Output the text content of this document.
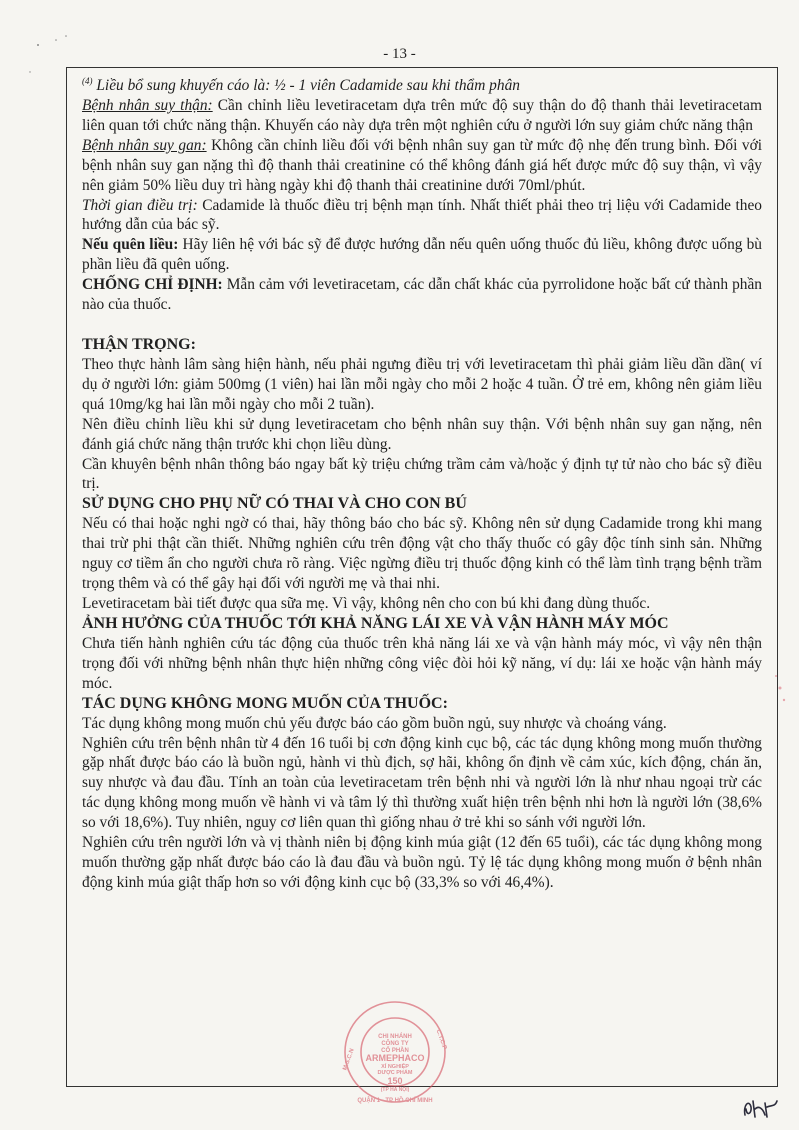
- 13 -

$^{(4)}$ Liều bổ sung khuyến cáo là: ½ - 1 viên Cadamide sau khi thẩm phân

Bệnh nhân suy thận: Cần chỉnh liều levetiracetam dựa trên mức độ suy thận do độ thanh thải levetiracetam liên quan tới chức năng thận. Khuyến cáo này dựa trên một nghiên cứu ở người lớn suy giảm chức năng thận

Bệnh nhân suy gan: Không cần chỉnh liều đối với bệnh nhân suy gan từ mức độ nhẹ đến trung bình. Đối với bệnh nhân suy gan nặng thì độ thanh thải creatinine có thể không đánh giá hết được mức độ suy thận, vì vậy nên giảm 50% liều duy trì hàng ngày khi độ thanh thải creatinine dưới 70ml/phút.

Thời gian điều trị: Cadamide là thuốc điều trị bệnh mạn tính. Nhất thiết phải theo trị liệu với Cadamide theo hướng dẫn của bác sỹ.

Nếu quên liều: Hãy liên hệ với bác sỹ để được hướng dẫn nếu quên uống thuốc đủ liều, không được uống bù phần liều đã quên uống.

CHỐNG CHỈ ĐỊNH: Mẫn cảm với levetiracetam, các dẫn chất khác của pyrrolidone hoặc bất cứ thành phần nào của thuốc.

THẬN TRỌNG:

Theo thực hành lâm sàng hiện hành, nếu phải ngưng điều trị với levetiracetam thì phải giảm liều dần dần( ví dụ ở người lớn: giảm 500mg (1 viên) hai lần mỗi ngày cho mỗi 2 hoặc 4 tuần. Ở trẻ em, không nên giảm liều quá 10mg/kg hai lần mỗi ngày cho mỗi 2 tuần).

Nên điều chỉnh liều khi sử dụng levetiracetam cho bệnh nhân suy thận. Với bệnh nhân suy gan nặng, nên đánh giá chức năng thận trước khi chọn liều dùng.

Cần khuyên bệnh nhân thông báo ngay bất kỳ triệu chứng trầm cảm và/hoặc ý định tự tử nào cho bác sỹ điều trị.

SỬ DỤNG CHO PHỤ NỮ CÓ THAI VÀ CHO CON BÚ

Nếu có thai hoặc nghi ngờ có thai, hãy thông báo cho bác sỹ. Không nên sử dụng Cadamide trong khi mang thai trừ phi thật cần thiết. Những nghiên cứu trên động vật cho thấy thuốc có gây độc tính sinh sản. Những nguy cơ tiềm ẩn cho người chưa rõ ràng. Việc ngừng điều trị thuốc động kinh có thể làm tình trạng bệnh trầm trọng thêm và có thể gây hại đối với người mẹ và thai nhi.

Levetiracetam bài tiết được qua sữa mẹ. Vì vậy, không nên cho con bú khi đang dùng thuốc.

ẢNH HƯỞNG CỦA THUỐC TỚI KHẢ NĂNG LÁI XE VÀ VẬN HÀNH MÁY MÓC

Chưa tiến hành nghiên cứu tác động của thuốc trên khả năng lái xe và vận hành máy móc, vì vậy nên thận trọng đối với những bệnh nhân thực hiện những công việc đòi hỏi kỹ năng, ví dụ: lái xe hoặc vận hành máy móc.

TÁC DỤNG KHÔNG MONG MUỐN CỦA THUỐC:

Tác dụng không mong muốn chủ yếu được báo cáo gồm buồn ngủ, suy nhược và choáng váng.

Nghiên cứu trên bệnh nhân từ 4 đến 16 tuổi bị cơn động kinh cục bộ, các tác dụng không mong muốn thường gặp nhất được báo cáo là buồn ngủ, hành vi thù địch, sợ hãi, không ổn định về cảm xúc, kích động, chán ăn, suy nhược và đau đầu. Tính an toàn của levetiracetam trên bệnh nhi và người lớn là như nhau ngoại trừ các tác dụng không mong muốn về hành vi và tâm lý thì thường xuất hiện trên bệnh nhi hơn là người lớn (38,6% so với 18,6%). Tuy nhiên, nguy cơ liên quan thì giống nhau ở trẻ khi so sánh với người lớn.

Nghiên cứu trên người lớn và vị thành niên bị động kinh múa giật (12 đến 65 tuổi), các tác dụng không mong muốn thường gặp nhất được báo cáo là đau đầu và buồn ngủ. Tỷ lệ tác dụng không mong muốn ở bệnh nhân động kinh múa giật thấp hơn so với động kinh cục bộ (33,3% so với 46,4%).

CHI NHÁNH
CÔNG TY
CỔ PHẦN
ARMEPHACO
XÍ NGHIỆP
DƯỢC PHẨM
150
(TP HÀ NỘI)
M.S.C.N
C.T.C.P
QUẬN 1 - TP HỒ CHÍ MINH
